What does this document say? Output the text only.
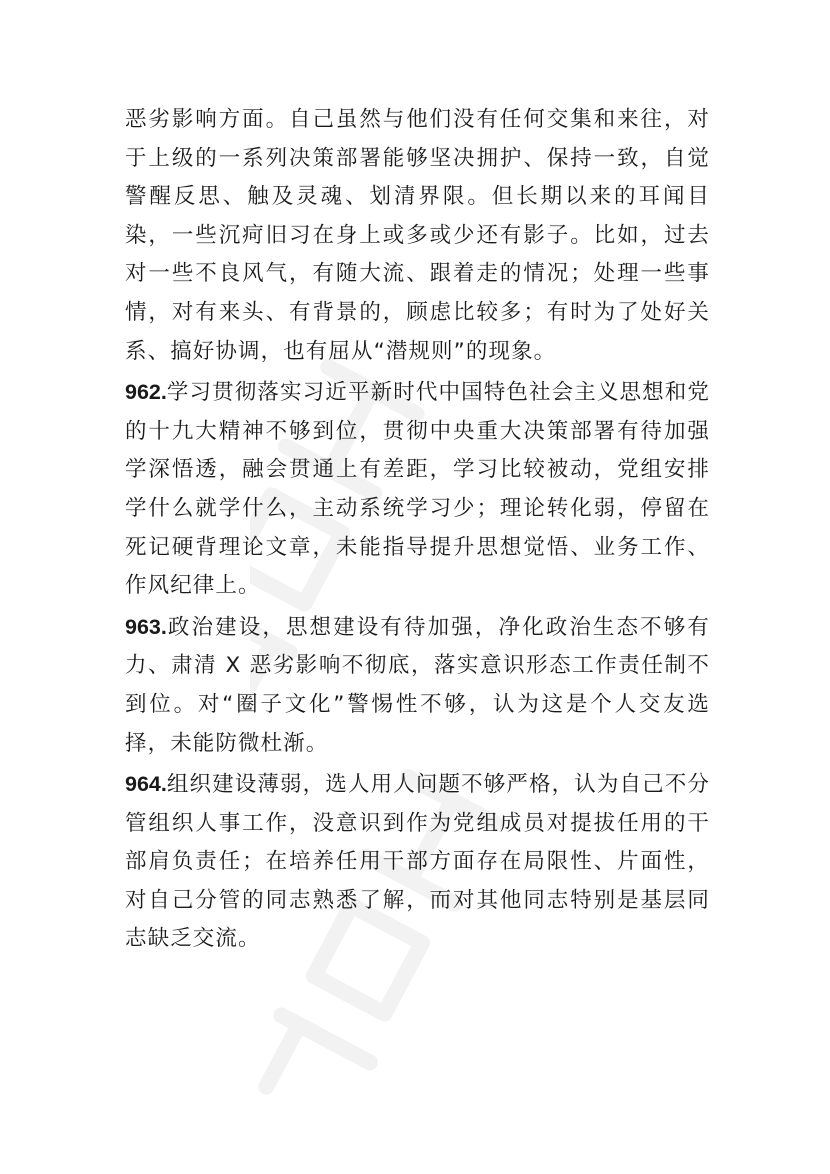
恶劣影响方面。自己虽然与他们没有任何交集和来往，对于上级的一系列决策部署能够坚决拥护、保持一致，自觉警醒反思、触及灵魂、划清界限。但长期以来的耳闻目染，一些沉疴旧习在身上或多或少还有影子。比如，过去对一些不良风气，有随大流、跟着走的情况；处理一些事情，对有来头、有背景的，顾虑比较多；有时为了处好关系、搞好协调，也有屈从“潜规则”的现象。

962.学习贯彻落实习近平新时代中国特色社会主义思想和党的十九大精神不够到位，贯彻中央重大决策部署有待加强学深悟透，融会贯通上有差距，学习比较被动，党组安排学什么就学什么，主动系统学习少；理论转化弱，停留在死记硬背理论文章，未能指导提升思想觉悟、业务工作、作风纪律上。

963.政治建设，思想建设有待加强，净化政治生态不够有力、肃清 X 恶劣影响不彻底，落实意识形态工作责任制不到位。对“圈子文化”警惕性不够，认为这是个人交友选择，未能防微杜渐。

964.组织建设薄弱，选人用人问题不够严格，认为自己不分管组织人事工作，没意识到作为党组成员对提拔任用的干部肩负责任；在培养任用干部方面存在局限性、片面性，对自己分管的同志熟悉了解，而对其他同志特别是基层同志缺乏交流。
